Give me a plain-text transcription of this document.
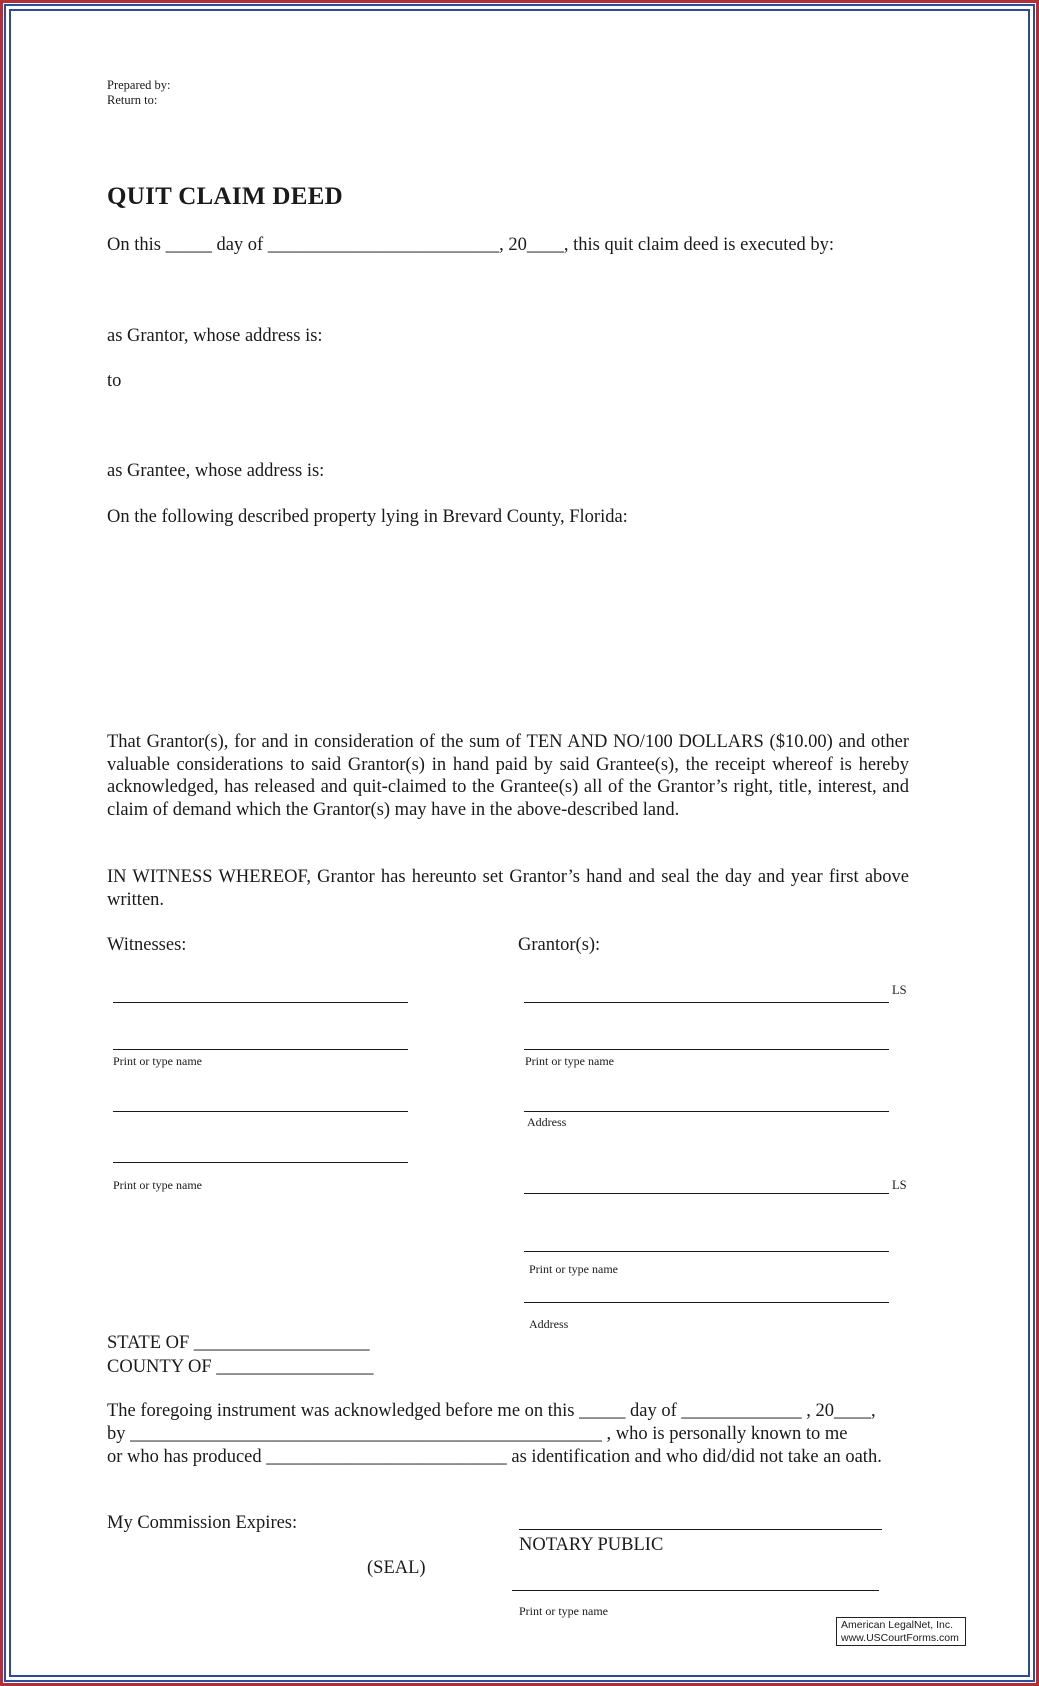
Prepared by:
Return to:
QUIT CLAIM DEED
On this _____ day of _________________________, 20____, this quit claim deed is executed by:
as Grantor, whose address is:
to
as Grantee, whose address is:
On the following described property lying in Brevard County, Florida:
That Grantor(s), for and in consideration of the sum of TEN AND NO/100 DOLLARS ($10.00) and other valuable considerations to said Grantor(s) in hand paid by said Grantee(s), the receipt whereof is hereby acknowledged, has released and quit-claimed to the Grantee(s) all of the Grantor’s right, title, interest, and claim of demand which the Grantor(s) may have in the above-described land.
IN WITNESS WHEREOF, Grantor has hereunto set Grantor’s hand and seal the day and year first above written.
Witnesses:	Grantor(s):
Print or type name
Print or type name
LS
Print or type name
Address
LS
Print or type name
Address
STATE OF ___________________
COUNTY OF _________________
The foregoing instrument was acknowledged before me on this _____ day of _____________ , 20____,
by ___________________________________________________ , who is personally known to me
or who has produced __________________________ as identification and who did/did not take an oath.
My Commission Expires:
NOTARY PUBLIC
(SEAL)
Print or type name
American LegalNet, Inc.
www.USCourtForms.com
